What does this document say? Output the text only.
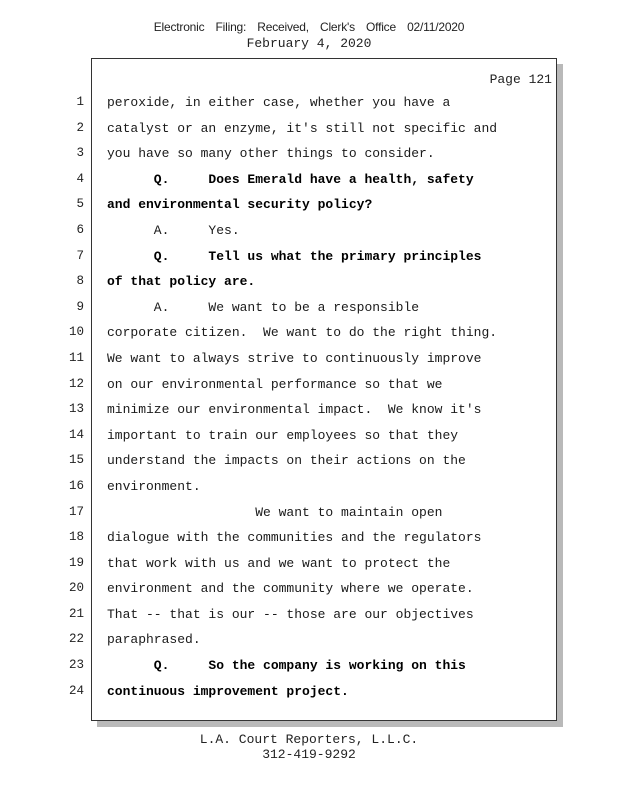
Electronic Filing: Received, Clerk's Office 02/11/2020
February 4, 2020
Page 121
1 peroxide, in either case, whether you have a
2 catalyst or an enzyme, it's still not specific and
3 you have so many other things to consider.
4 Q.     Does Emerald have a health, safety
5 and environmental security policy?
6 A.     Yes.
7 Q.     Tell us what the primary principles
8 of that policy are.
9 A.     We want to be a responsible
10 corporate citizen.  We want to do the right thing.
11 We want to always strive to continuously improve
12 on our environmental performance so that we
13 minimize our environmental impact.  We know it's
14 important to train our employees so that they
15 understand the impacts on their actions on the
16 environment.
17 We want to maintain open
18 dialogue with the communities and the regulators
19 that work with us and we want to protect the
20 environment and the community where we operate.
21 That -- that is our -- those are our objectives
22 paraphrased.
23 Q.     So the company is working on this
24 continuous improvement project.
L.A. Court Reporters, L.L.C.
312-419-9292
